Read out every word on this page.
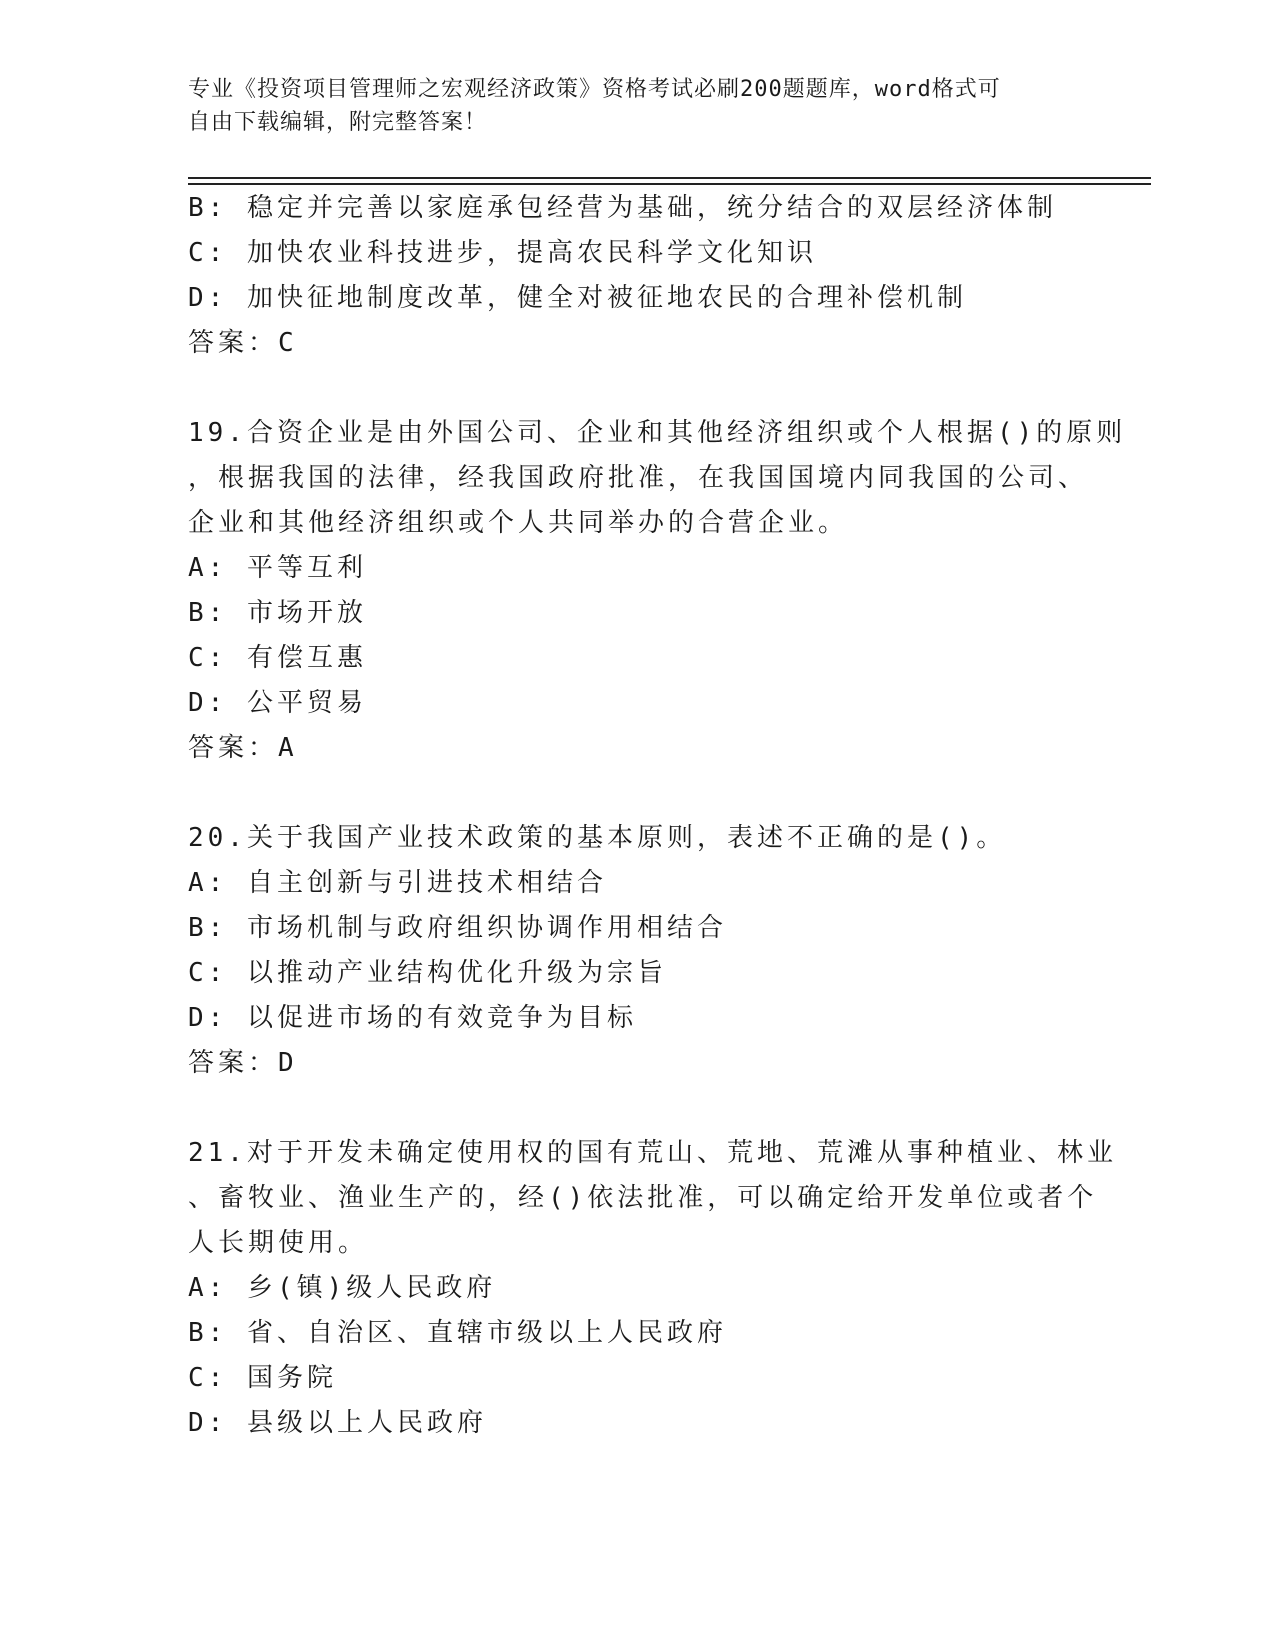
专业《投资项目管理师之宏观经济政策》资格考试必刷200题题库，word格式可
自由下载编辑，附完整答案！
B: 稳定并完善以家庭承包经营为基础，统分结合的双层经济体制
C: 加快农业科技进步，提高农民科学文化知识
D: 加快征地制度改革，健全对被征地农民的合理补偿机制
答案：C
19.合资企业是由外国公司、企业和其他经济组织或个人根据()的原则
，根据我国的法律，经我国政府批准，在我国国境内同我国的公司、
企业和其他经济组织或个人共同举办的合营企业。
A: 平等互利
B: 市场开放
C: 有偿互惠
D: 公平贸易
答案：A
20.关于我国产业技术政策的基本原则，表述不正确的是()。
A: 自主创新与引进技术相结合
B: 市场机制与政府组织协调作用相结合
C: 以推动产业结构优化升级为宗旨
D: 以促进市场的有效竞争为目标
答案：D
21.对于开发未确定使用权的国有荒山、荒地、荒滩从事种植业、林业
、畜牧业、渔业生产的，经()依法批准，可以确定给开发单位或者个
人长期使用。
A: 乡(镇)级人民政府
B: 省、自治区、直辖市级以上人民政府
C: 国务院
D: 县级以上人民政府
